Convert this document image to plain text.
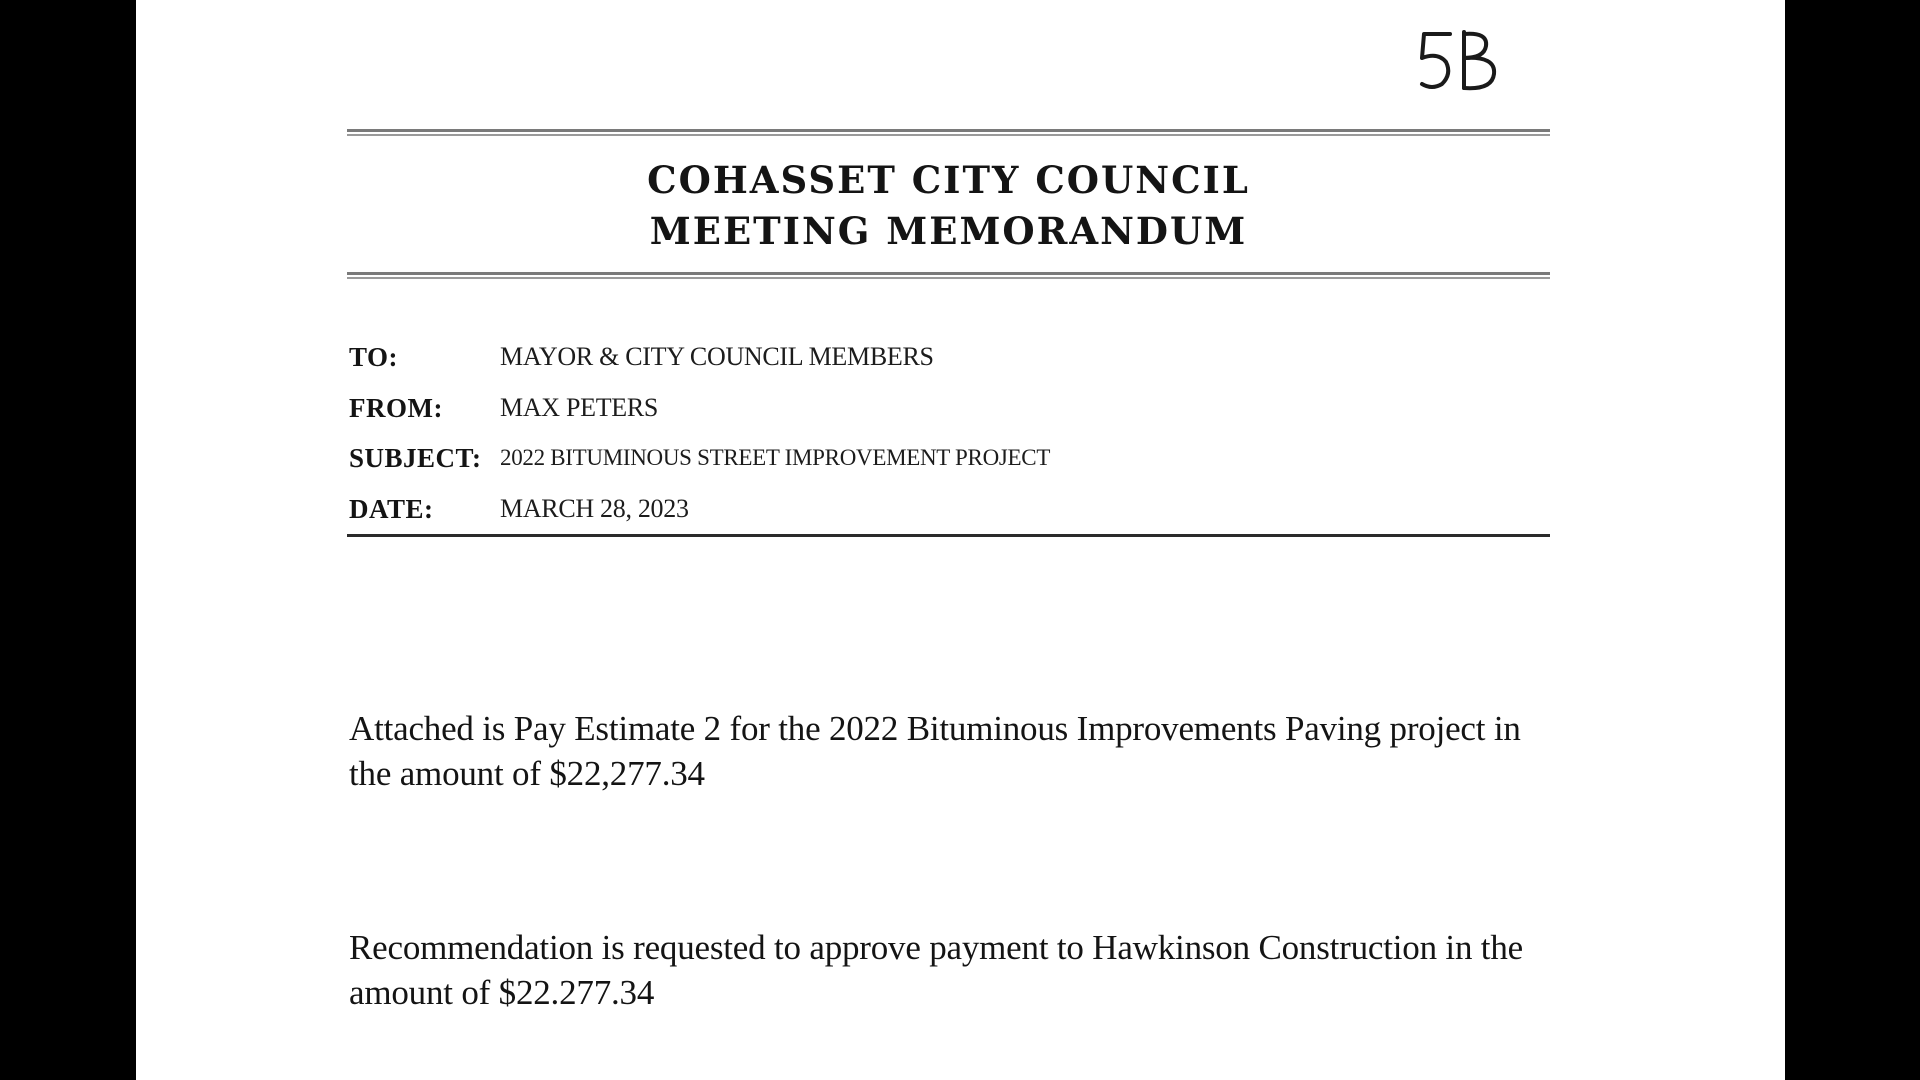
COHASSET CITY COUNCIL
MEETING MEMORANDUM
TO:	MAYOR & CITY COUNCIL MEMBERS
FROM: MAX PETERS
SUBJECT: 2022 BITUMINOUS STREET IMPROVEMENT PROJECT
DATE:	MARCH 28, 2023

Attached is Pay Estimate 2 for the 2022 Bituminous Improvements Paving project in the amount of $22,277.34

Recommendation is requested to approve payment to Hawkinson Construction in the amount of $22.277.34
